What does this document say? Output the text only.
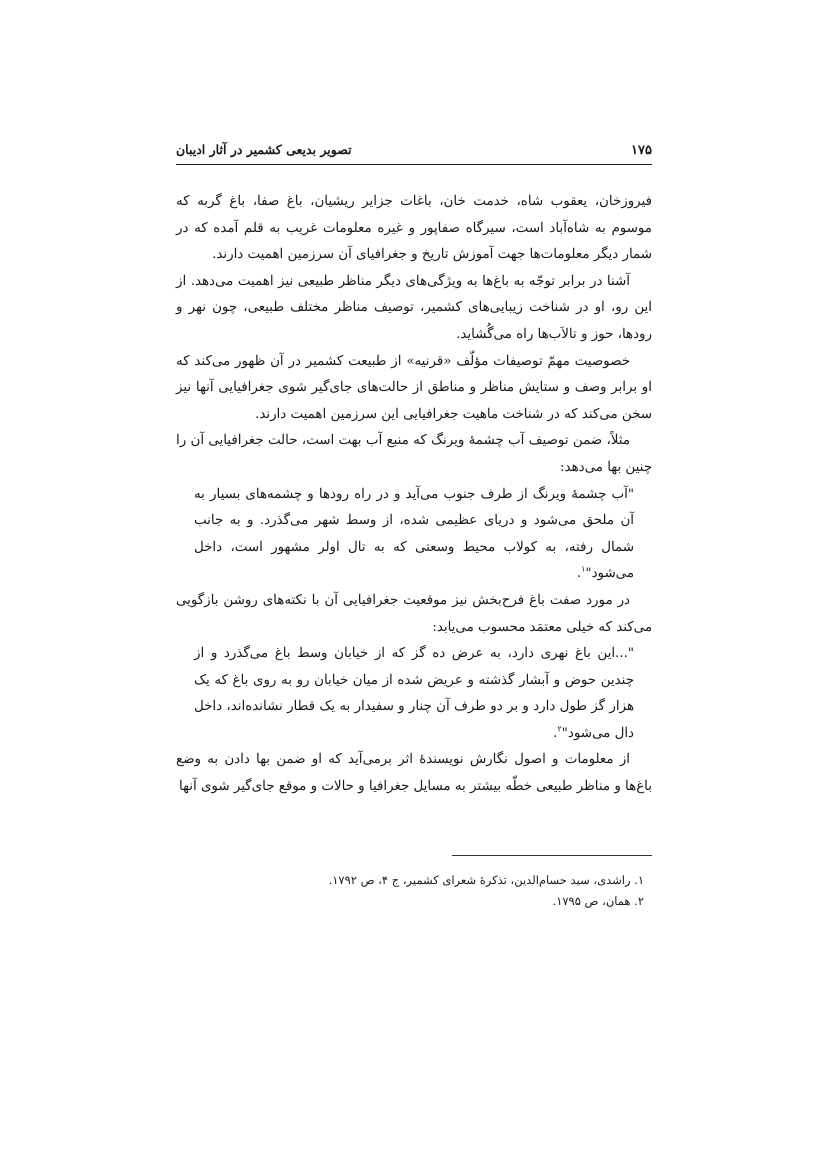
۱۷۵
تصویر بدیعی کشمیر در آثار ادیبان

فیروزخان، یعقوب شاه، خدمت خان، باغات جزایر ریشیان، باغ صفا، باغ گربه که موسوم به شاه‌آباد است، سیرگاه صفاپور و غیره معلومات غریب به قلم آمده که در شمار دیگر معلومات‌ها جهت آموزش تاریخ و جغرافیای آن سرزمین اهمیت دارند.

آشنا در برابر توجّه به باغ‌ها به ویژگی‌های دیگر مناظر طبیعی نیز اهمیت می‌دهد. از این رو، او در شناخت زیبایی‌های کشمیر، توصیف مناظر مختلف طبیعی، چون نهر و رودها، حوز و تالاَب‌ها راه می‌گُشاید.

خصوصیت مهمّ توصیفات مؤلّف «قرنیه» از طبیعت کشمیر در آن ظهور می‌کند که او برابر وصف و ستایش مناظر و مناطق از حالت‌های جای‌گیر شوی جغرافیایی آنها نیز سخن می‌کند که در شناخت ماهیت جغرافیایی این سرزمین اهمیت دارند.

مثلاً، ضمن توصیف آب چشمهٔ ویرنگ که منبع آب بهت است، حالت جغرافیایی آن را چنین بها می‌دهد:

"آب چشمهٔ ویرنگ از طرف جنوب می‌آید و در راه رودها و چشمه‌های بسیار به آن ملحق می‌شود و دریای عظیمی شده، از وسط شهر می‌گذرد. و به جانب شمال رفته، به کولاب محیط وسعتی که به تال اولر مشهور است، داخل می‌شود"$^۱$.

در مورد صفت باغ فرح‌بخش نیز موقعیت جغرافیایی آن با نکته‌های روشن بازگویی می‌کند که خیلی معتمَد محسوب می‌یابد:

"...این باغ نهری دارد، به عرض ده گز که از خیابان وسط باغ می‌گذرد و از چندین حوض و آبشار گذشته و عریض شده از میان خیابان رو به روی باغ که یک هزار گز طول دارد و بر دو طرف آن چنار و سفیدار به یک قطار نشانده‌اند، داخل دال می‌شود"$^۲$.

از معلومات و اصول نگارش نویسندهٔ اثر برمی‌آید که او ضمن بها دادن به وضع باغ‌ها و مناظر طبیعی خطّه بیشتر به مسایل جغرافیا و حالات و موقع جای‌گیر شوی آنها

۱. راشدی، سید حسام‌الدین، تذکرهٔ شعرای کشمیر، ج ۴، ص ۱۷۹۲.
۲. همان، ص ۱۷۹۵.
